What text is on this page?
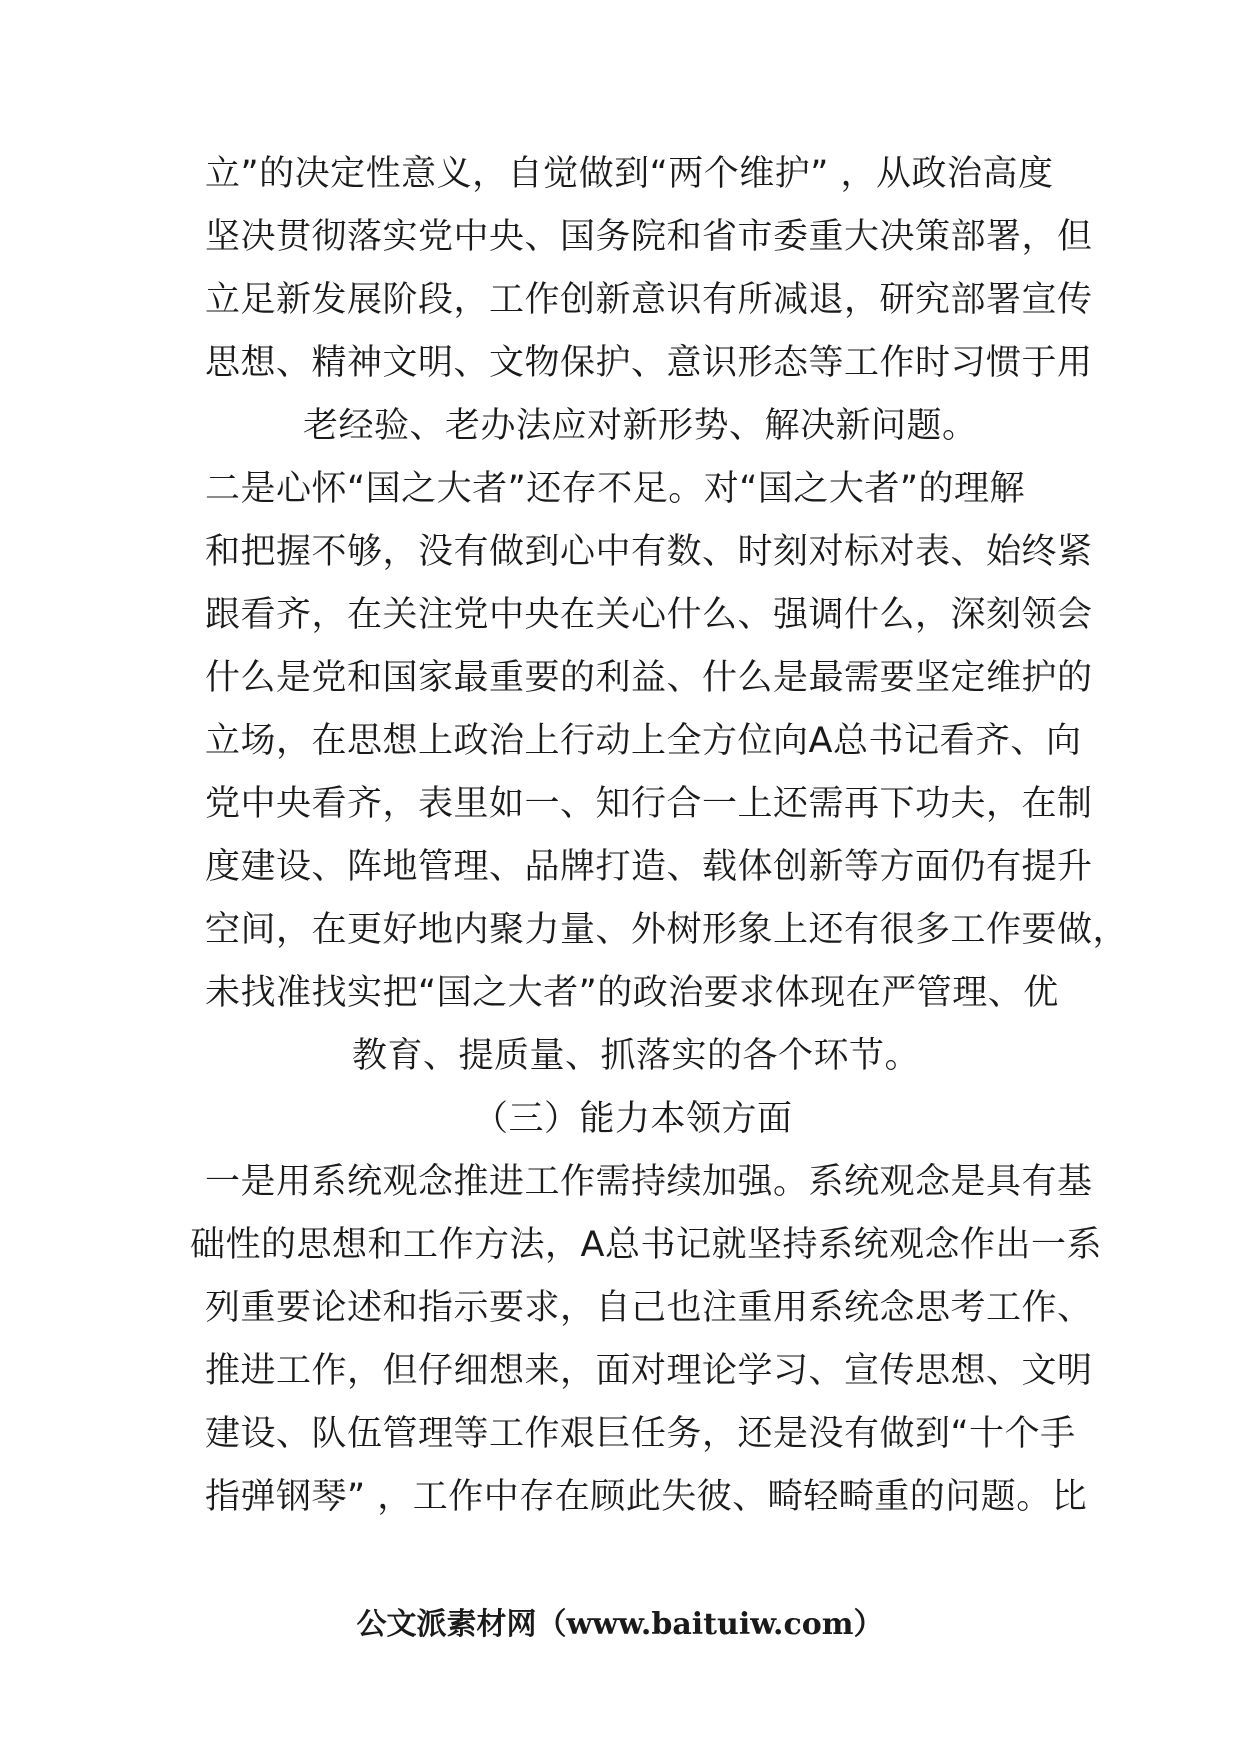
立”的决定性意义，自觉做到“两个维护” ，从政治高度
坚决贯彻落实党中央、国务院和省市委重大决策部署，但
立足新发展阶段，工作创新意识有所减退，研究部署宣传
思想、精神文明、文物保护、意识形态等工作时习惯于用
老经验、老办法应对新形势、解决新问题。
二是心怀“国之大者”还存不足。对“国之大者”的理解
和把握不够，没有做到心中有数、时刻对标对表、始终紧
跟看齐，在关注党中央在关心什么、强调什么，深刻领会
什么是党和国家最重要的利益、什么是最需要坚定维护的
立场，在思想上政治上行动上全方位向A总书记看齐、向
党中央看齐，表里如一、知行合一上还需再下功夫，在制
度建设、阵地管理、品牌打造、载体创新等方面仍有提升
空间，在更好地内聚力量、外树形象上还有很多工作要做，
未找准找实把“国之大者”的政治要求体现在严管理、优
教育、提质量、抓落实的各个环节。
（三）能力本领方面
一是用系统观念推进工作需持续加强。系统观念是具有基
础性的思想和工作方法，A总书记就坚持系统观念作出一系
列重要论述和指示要求，自己也注重用系统念思考工作、
推进工作，但仔细想来，面对理论学习、宣传思想、文明
建设、队伍管理等工作艰巨任务，还是没有做到“十个手
指弹钢琴” ，工作中存在顾此失彼、畸轻畸重的问题。比
公文派素材网（www.baituiw.com）
